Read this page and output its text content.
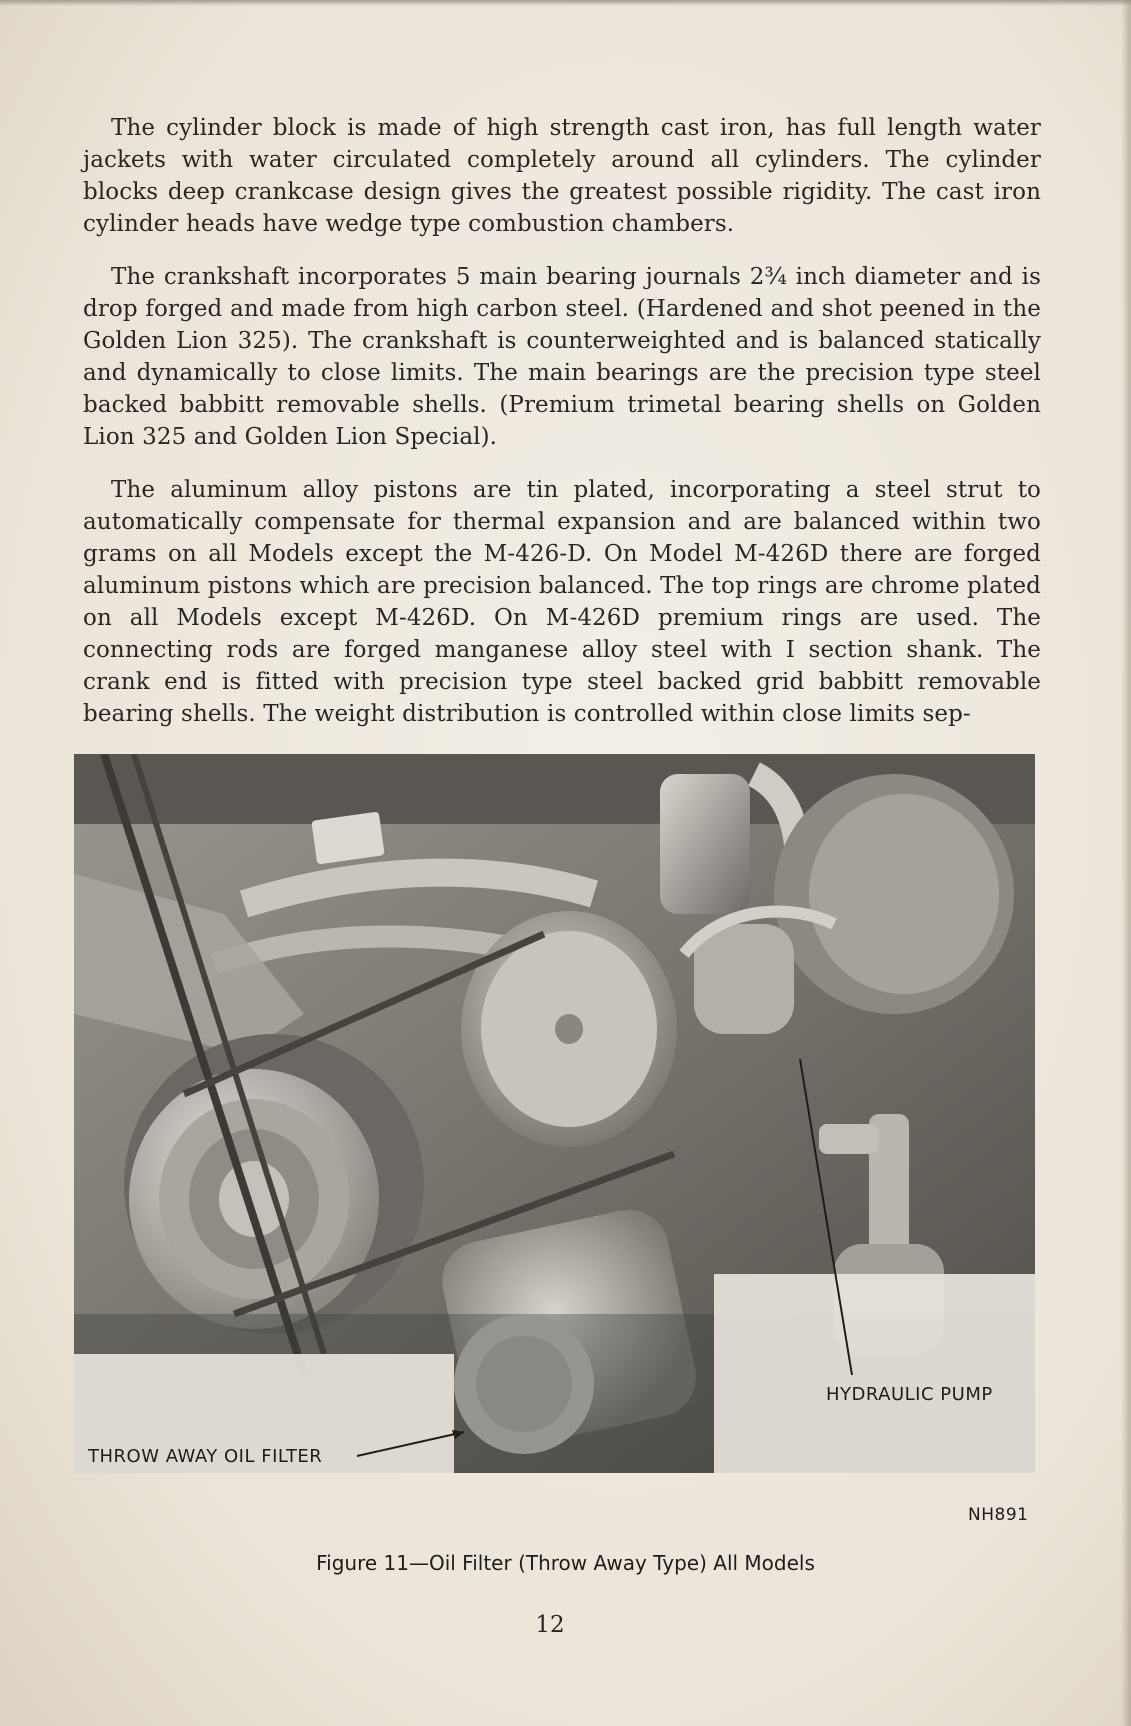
The cylinder block is made of high strength cast iron, has full length water jackets with water circulated completely around all cylinders. The cylinder blocks deep crankcase design gives the greatest possible rigidity. The cast iron cylinder heads have wedge type combustion chambers.

The crankshaft incorporates 5 main bearing journals 2¾ inch diameter and is drop forged and made from high carbon steel. (Hardened and shot peened in the Golden Lion 325). The crankshaft is counterweighted and is balanced statically and dynamically to close limits. The main bearings are the precision type steel backed babbitt removable shells. (Premium trimetal bearing shells on Golden Lion 325 and Golden Lion Special).

The aluminum alloy pistons are tin plated, incorporating a steel strut to automatically compensate for thermal expansion and are balanced within two grams on all Models except the M-426-D. On Model M-426D there are forged aluminum pistons which are precision balanced. The top rings are chrome plated on all Models except M-426D. On M-426D premium rings are used. The connecting rods are forged manganese alloy steel with I section shank. The crank end is fitted with precision type steel backed grid babbitt removable bearing shells. The weight distribution is controlled within close limits sep-

HYDRAULIC PUMP
THROW AWAY OIL FILTER
NH891
Figure 11—Oil Filter (Throw Away Type) All Models
12
